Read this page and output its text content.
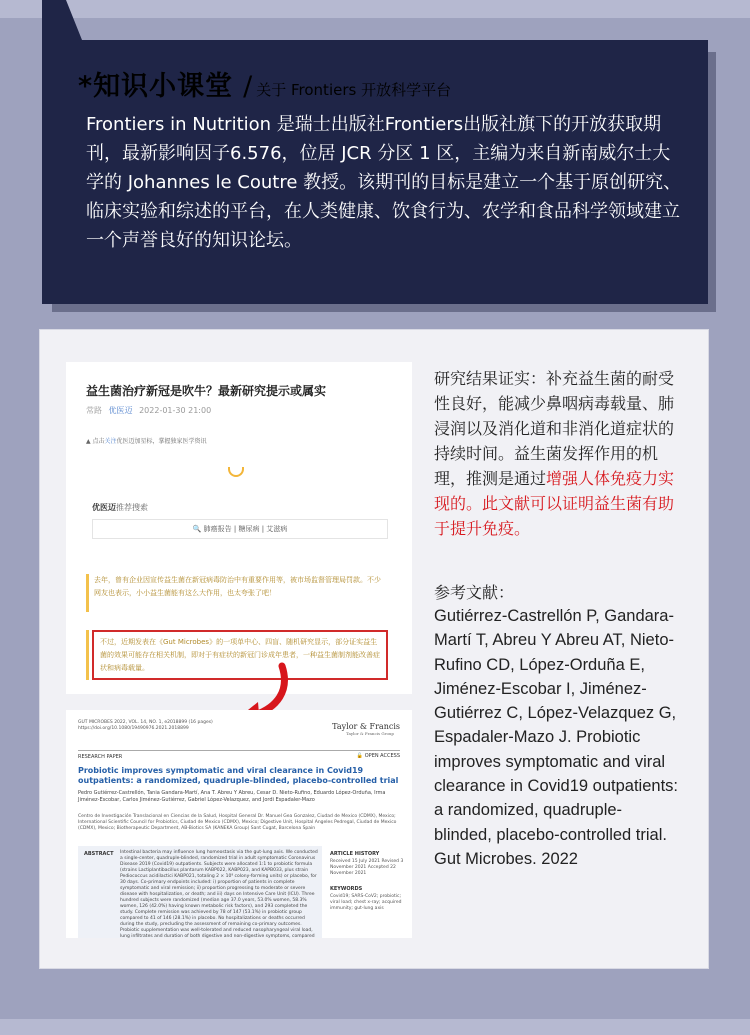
*知识小课堂 / 关于 Frontiers 开放科学平台
Frontiers in Nutrition 是瑞士出版社Frontiers出版社旗下的开放获取期刊，最新影响因子6.576，位居 JCR 分区 1 区，主编为来自新南威尔士大学的 Johannes le Coutre 教授。该期刊的目标是建立一个基于原创研究、临床实验和综述的平台，在人类健康、饮食行为、农学和食品科学领域建立一个声誉良好的知识论坛。
益生菌治疗新冠是吹牛？最新研究提示或属实
常路 优医迈 2022-01-30 21:00
▲ 点击关注优医迈加星标，掌握独家医学资讯
优医迈推荐搜索
🔍 肺癌报告 | 糖尿病 | 艾滋病
去年，曾有企业因宣传益生菌在新冠病毒防治中有重要作用等，被市场监督管理局罚款。不少网友也表示，小小益生菌能有这么大作用，也太夸张了吧！
不过，近期发表在《Gut Microbes》的一项单中心、四盲、随机研究显示，部分证实益生菌的效果可能存在相关机制，即对于有症状的新冠门诊成年患者，一种益生菌制剂能改善症状和病毒载量。
GUT MICROBES 2022, VOL. 14, NO. 1, e2018899 (16 pages) https://doi.org/10.1080/19490976.2021.2018899	Taylor & Francis
Taylor & Francis Group
RESEARCH PAPER	🔓 OPEN ACCESS
Probiotic improves symptomatic and viral clearance in Covid19 outpatients: a randomized, quadruple-blinded, placebo-controlled trial
Pedro Gutiérrez-Castrellón, Tania Gandara-Martí, Ana T. Abreu Y Abreu, Cesar D. Nieto-Rufino, Eduardo López-Orduña, Irma Jiménez-Escobar, Carlos Jiménez-Gutiérrez, Gabriel López-Velazquez, and Jordi Espadaler-Mazo
Centro de Investigación Translacional en Ciencias de la Salud, Hospital General Dr. Manuel Gea Gonzalez, Ciudad de Mexico (CDMX), Mexico; International Scientific Council for Probiotics, Ciudad de Mexico (CDMX), Mexico; Digestive Unit, Hospital Angeles Pedregal, Ciudad de Mexico (CDMX), Mexico; Biotherapeutic Department, AB-Biotics SA (KANEKA Group) Sant Cugat, Barcelona Spain
ABSTRACT Intestinal bacteria may influence lung homeostasis via the gut-lung axis. We conducted a single-center, quadruple-blinded, randomized trial in adult symptomatic Coronavirus Disease 2019 (Covid19) outpatients. Subjects were allocated 1:1 to probiotic formula (strains Lactiplantibacillus plantarum KABP022, KABP023, and KAPB033, plus strain Pediococcus acidilactici KABP021, totaling 2 × 10⁹ colony-forming units) or placebo, for 30 days. Co-primary endpoints included: i) proportion of patients in complete symptomatic and viral remission; ii) proportion progressing to moderate or severe disease with hospitalization, or death; and iii) days on Intensive Care Unit (ICU). Three hundred subjects were randomized (median age 37.0 years, 53.0% women, 58.3% women, 126 (42.0%) having known metabolic risk factors), and 293 completed the study. Complete remission was achieved by 78 of 147 (53.1%) in probiotic group compared to 41 of 146 (28.1%) in placebo. No hospitalizations or deaths occurred during the study, precluding the assessment of remaining co-primary outcomes. Probiotic supplementation was well-tolerated and reduced nasopharyngeal viral load, lung infiltrates and duration of both digestive and non-digestive symptoms, compared
ARTICLE HISTORY
Received 15 July 2021 Revised 3 November 2021 Accepted 22 November 2021
KEYWORDS
Covid19; SARS-CoV2; probiotic; viral load; chest x-ray; acquired immunity; gut-lung axis
研究结果证实：补充益生菌的耐受性良好，能减少鼻咽病毒载量、肺浸润以及消化道和非消化道症状的持续时间。益生菌发挥作用的机理，推测是通过增强人体免疫力实现的。此文献可以证明益生菌有助于提升免疫。
参考文献：
Gutiérrez-Castrellón P, Gandara-Martí T, Abreu Y Abreu AT, Nieto-Rufino CD, López-Orduña E, Jiménez-Escobar I, Jiménez-Gutiérrez C, López-Velazquez G, Espadaler-Mazo J. Probiotic improves symptomatic and viral clearance in Covid19 outpatients: a randomized, quadruple-blinded, placebo-controlled trial. Gut Microbes. 2022
